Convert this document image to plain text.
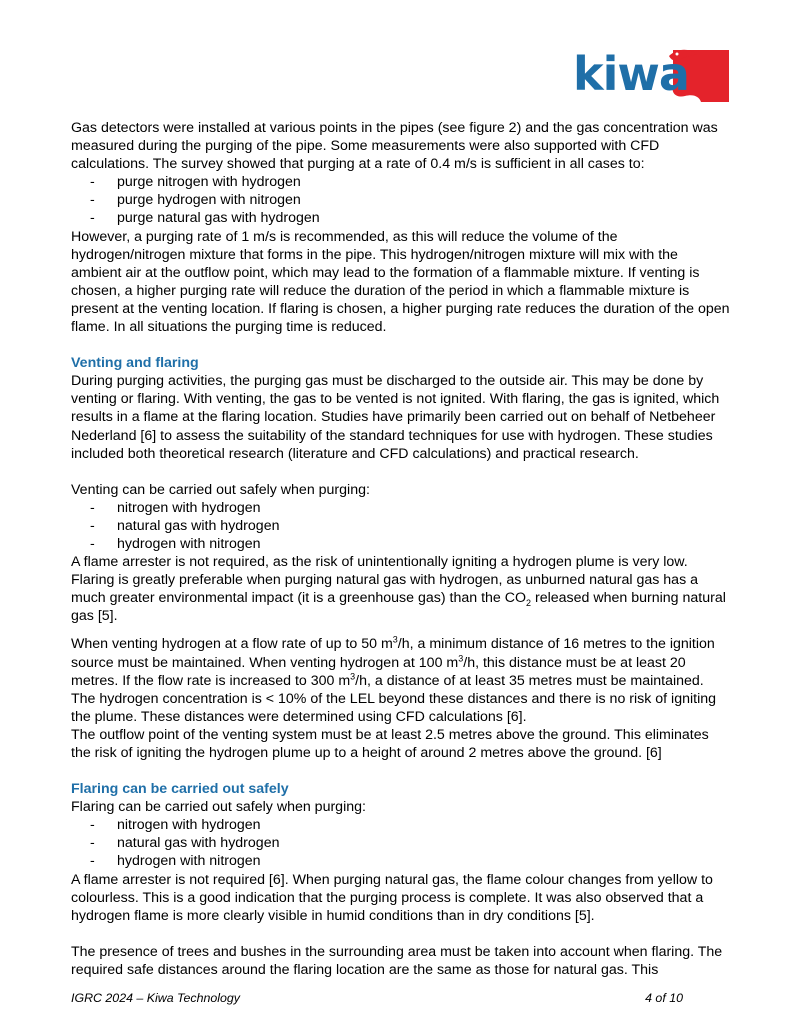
kiwa

Gas detectors were installed at various points in the pipes (see figure 2) and the gas concentration was measured during the purging of the pipe. Some measurements were also supported with CFD calculations. The survey showed that purging at a rate of 0.4 m/s is sufficient in all cases to:

- purge nitrogen with hydrogen
- purge hydrogen with nitrogen
- purge natural gas with hydrogen

However, a purging rate of 1 m/s is recommended, as this will reduce the volume of the hydrogen/nitrogen mixture that forms in the pipe. This hydrogen/nitrogen mixture will mix with the ambient air at the outflow point, which may lead to the formation of a flammable mixture. If venting is chosen, a higher purging rate will reduce the duration of the period in which a flammable mixture is present at the venting location. If flaring is chosen, a higher purging rate reduces the duration of the open flame. In all situations the purging time is reduced.

Venting and flaring

During purging activities, the purging gas must be discharged to the outside air. This may be done by venting or flaring. With venting, the gas to be vented is not ignited. With flaring, the gas is ignited, which results in a flame at the flaring location. Studies have primarily been carried out on behalf of Netbeheer Nederland [6] to assess the suitability of the standard techniques for use with hydrogen. These studies included both theoretical research (literature and CFD calculations) and practical research.

Venting can be carried out safely when purging:

- nitrogen with hydrogen
- natural gas with hydrogen
- hydrogen with nitrogen

A flame arrester is not required, as the risk of unintentionally igniting a hydrogen plume is very low.

Flaring is greatly preferable when purging natural gas with hydrogen, as unburned natural gas has a much greater environmental impact (it is a greenhouse gas) than the $CO_2$ released when burning natural gas [5].

When venting hydrogen at a flow rate of up to 50 $m^3/h$, a minimum distance of 16 metres to the ignition source must be maintained. When venting hydrogen at 100 $m^3/h$, this distance must be at least 20 metres. If the flow rate is increased to 300 $m^3/h$, a distance of at least 35 metres must be maintained. The hydrogen concentration is < 10% of the LEL beyond these distances and there is no risk of igniting the plume. These distances were determined using CFD calculations [6].

The outflow point of the venting system must be at least 2.5 metres above the ground. This eliminates the risk of igniting the hydrogen plume up to a height of around 2 metres above the ground. [6]

Flaring can be carried out safely

Flaring can be carried out safely when purging:

- nitrogen with hydrogen
- natural gas with hydrogen
- hydrogen with nitrogen

A flame arrester is not required [6]. When purging natural gas, the flame colour changes from yellow to colourless. This is a good indication that the purging process is complete. It was also observed that a hydrogen flame is more clearly visible in humid conditions than in dry conditions [5].

The presence of trees and bushes in the surrounding area must be taken into account when flaring. The required safe distances around the flaring location are the same as those for natural gas. This

IGRC 2024 – Kiwa Technology	4 of 10
